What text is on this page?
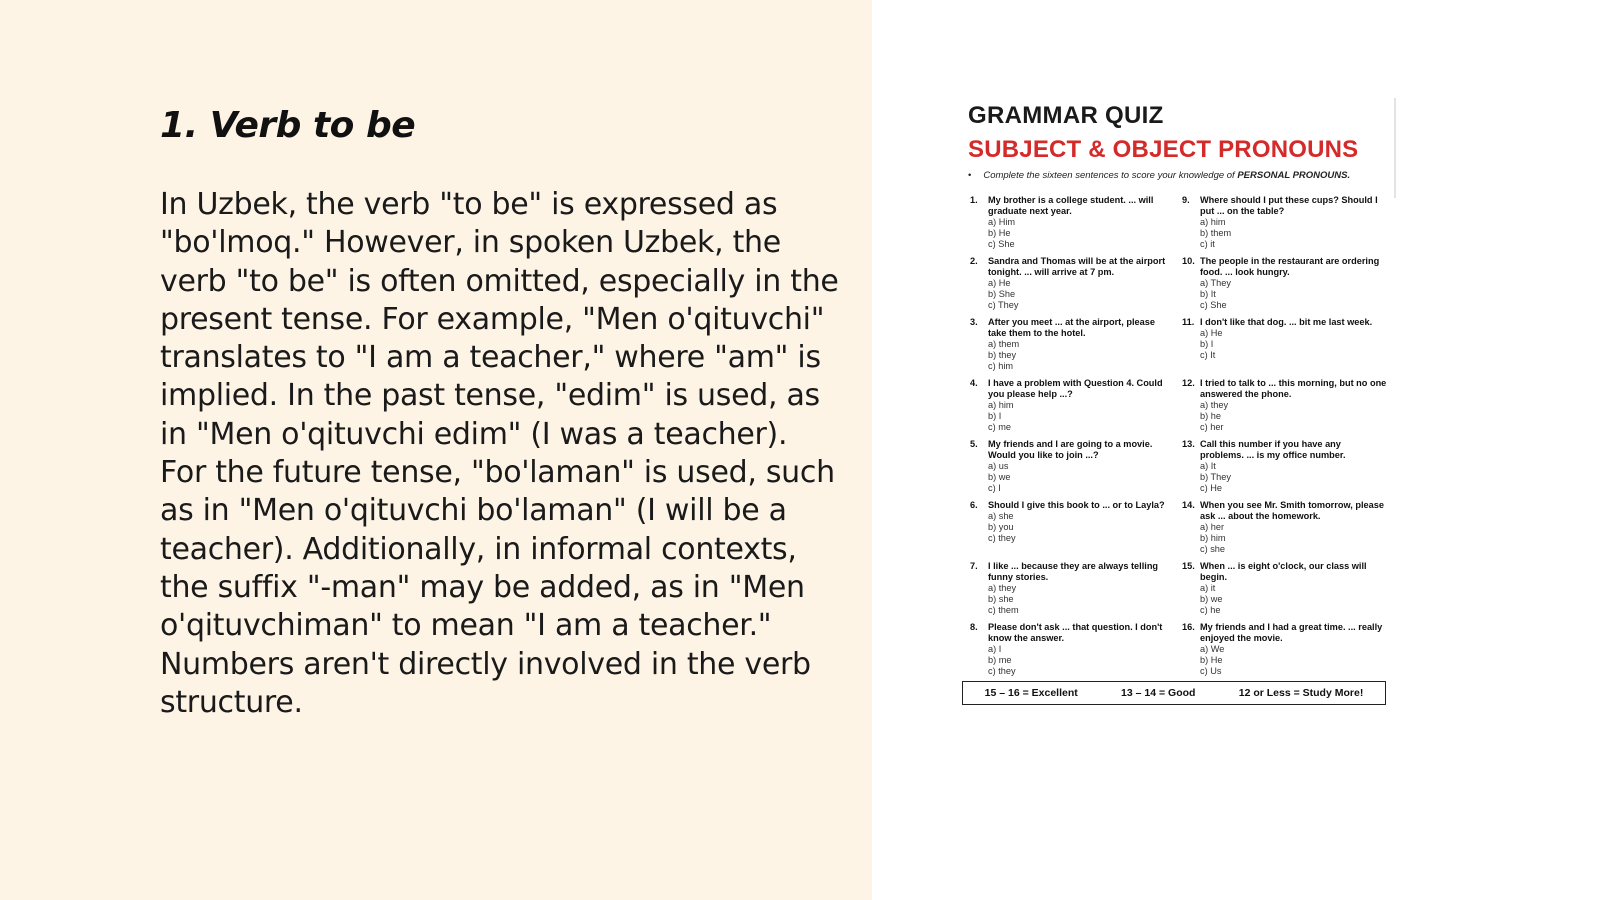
1. Verb to be

In Uzbek, the verb "to be" is expressed as "bo'lmoq." However, in spoken Uzbek, the verb "to be" is often omitted, especially in the present tense. For example, "Men o'qituvchi" translates to "I am a teacher," where "am" is implied. In the past tense, "edim" is used, as in "Men o'qituvchi edim" (I was a teacher). For the future tense, "bo'laman" is used, such as in "Men o'qituvchi bo'laman" (I will be a teacher). Additionally, in informal contexts, the suffix "-man" may be added, as in "Men o'qituvchiman" to mean "I am a teacher." Numbers aren't directly involved in the verb structure.

GRAMMAR QUIZ
SUBJECT & OBJECT PRONOUNS
• Complete the sixteen sentences to score your knowledge of PERSONAL PRONOUNS.
1. My brother is a college student. ... will graduate next year.
a) Him
b) He
c) She
2. Sandra and Thomas will be at the airport tonight. ... will arrive at 7 pm.
a) He
b) She
c) They
3. After you meet ... at the airport, please take them to the hotel.
a) them
b) they
c) him
4. I have a problem with Question 4. Could you please help ...?
a) him
b) I
c) me
5. My friends and I are going to a movie. Would you like to join ...?
a) us
b) we
c) I
6. Should I give this book to ... or to Layla?
a) she
b) you
c) they
7. I like ... because they are always telling funny stories.
a) they
b) she
c) them
8. Please don't ask ... that question. I don't know the answer.
a) I
b) me
c) they
9. Where should I put these cups? Should I put ... on the table?
a) him
b) them
c) it
10. The people in the restaurant are ordering food. ... look hungry.
a) They
b) It
c) She
11. I don't like that dog. ... bit me last week.
a) He
b) I
c) It
12. I tried to talk to ... this morning, but no one answered the phone.
a) they
b) he
c) her
13. Call this number if you have any problems. ... is my office number.
a) It
b) They
c) He
14. When you see Mr. Smith tomorrow, please ask ... about the homework.
a) her
b) him
c) she
15. When ... is eight o'clock, our class will begin.
a) it
b) we
c) he
16. My friends and I had a great time. ... really enjoyed the movie.
a) We
b) He
c) Us
15 – 16 = Excellent	13 – 14 = Good	12 or Less = Study More!
